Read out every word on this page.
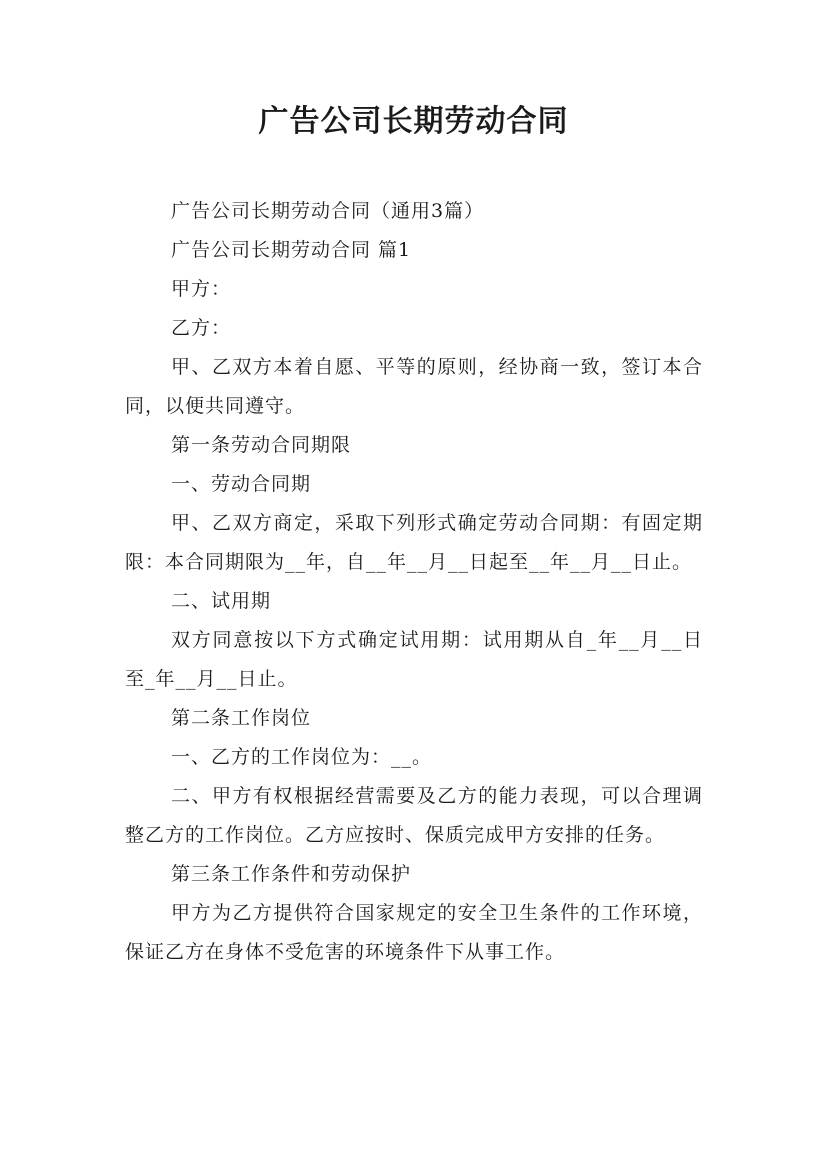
广告公司长期劳动合同

广告公司长期劳动合同（通用3篇）

广告公司长期劳动合同 篇1

甲方：

乙方：

甲、乙双方本着自愿、平等的原则，经协商一致，签订本合同，以便共同遵守。

第一条劳动合同期限

一、劳动合同期

甲、乙双方商定，采取下列形式确定劳动合同期：有固定期限：本合同期限为__年，自__年__月__日起至__年__月__日止。

二、试用期

双方同意按以下方式确定试用期：试用期从自_年__月__日至_年__月__日止。

第二条工作岗位

一、乙方的工作岗位为：__。

二、甲方有权根据经营需要及乙方的能力表现，可以合理调整乙方的工作岗位。乙方应按时、保质完成甲方安排的任务。

第三条工作条件和劳动保护

甲方为乙方提供符合国家规定的安全卫生条件的工作环境，保证乙方在身体不受危害的环境条件下从事工作。
